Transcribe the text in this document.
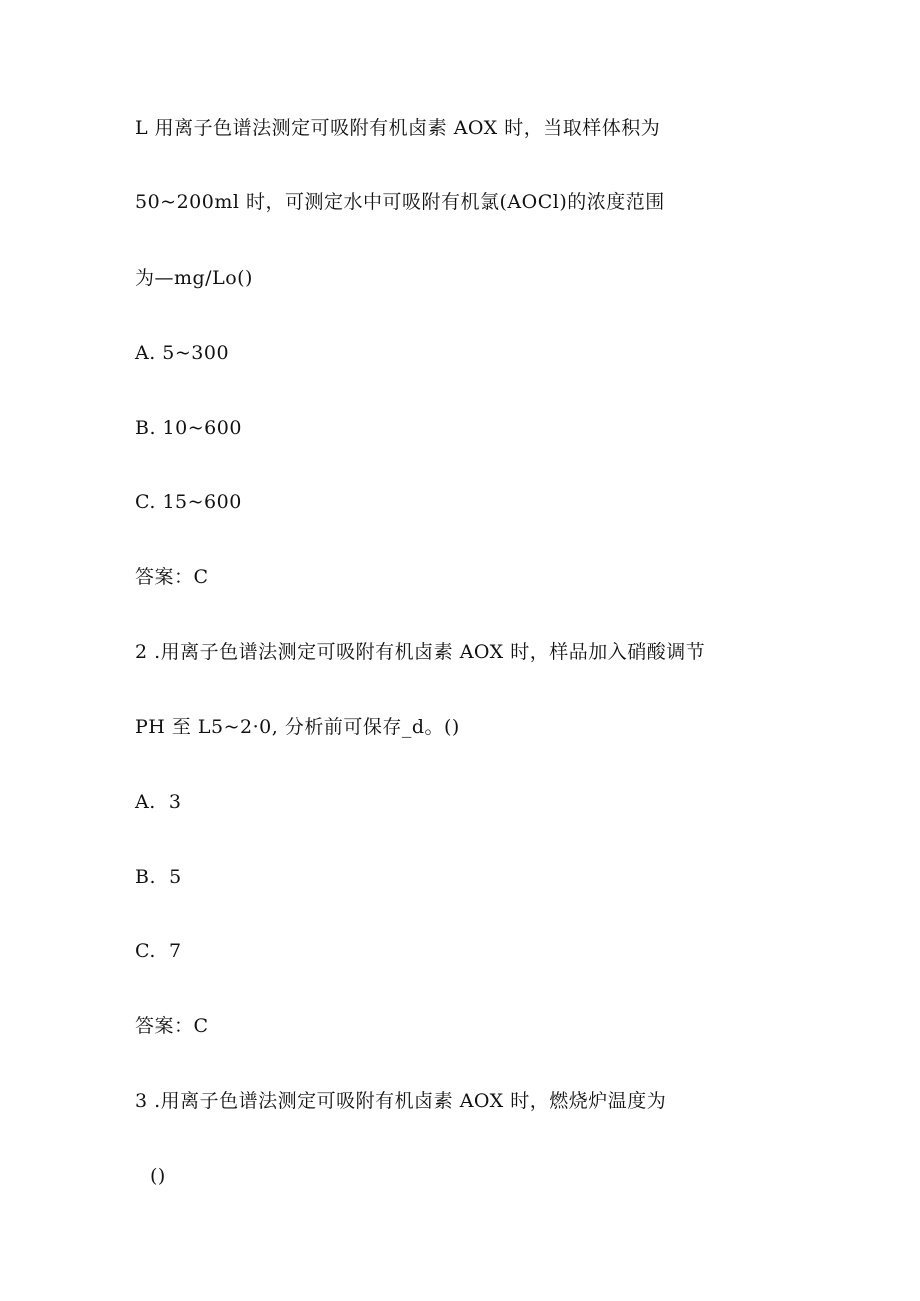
L 用离子色谱法测定可吸附有机卤素 AOX 时，当取样体积为
50~200ml 时，可测定水中可吸附有机氯(AOCl)的浓度范围
为—mg/Lo()
A. 5~300
B. 10~600
C. 15~600
答案：C
2 .用离子色谱法测定可吸附有机卤素 AOX 时，样品加入硝酸调节
PH 至 L5~2·0, 分析前可保存_d。()
A.  3
B.  5
C.  7
答案：C
3 .用离子色谱法测定可吸附有机卤素 AOX 时，燃烧炉温度为
()
